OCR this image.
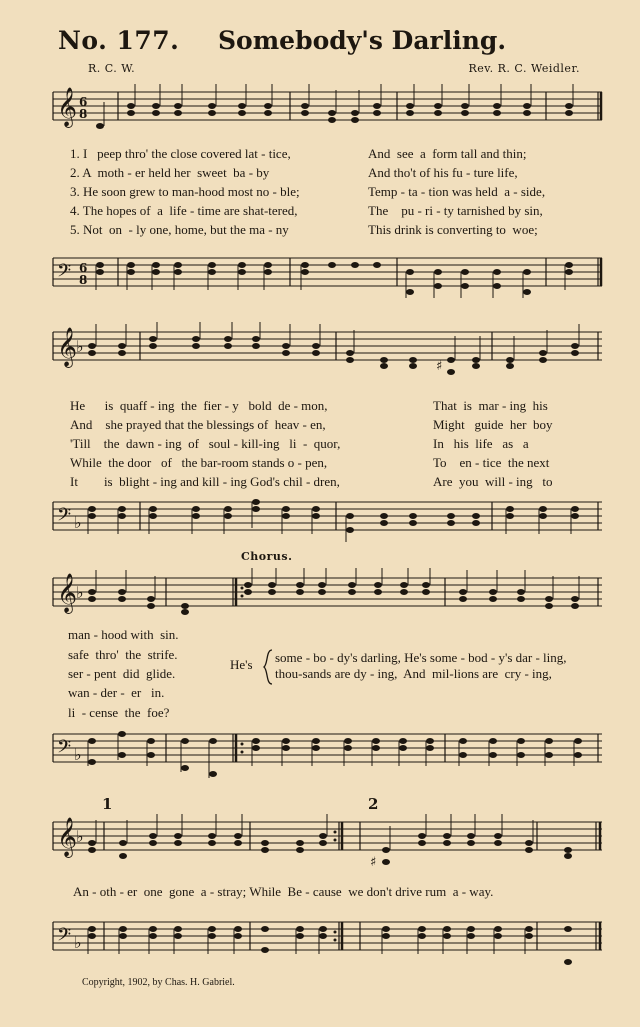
No. 177. Somebody's Darling.
R. C. W.	Rev. R. C. Weidler.
𝄞 6
8
1. I   peep thro' the close covered lat - tice,
2. A  moth - er held her  sweet  ba - by
3. He soon grew to man-hood most no - ble;
4. The hopes of  a  life - time are shat-tered,
5. Not  on  - ly one, home, but the ma - ny
And  see  a  form tall and thin;
And tho't of his fu - ture life,
Temp - ta - tion was held  a - side,
The    pu - ri - ty tarnished by sin,
This drink is converting to  woe;
𝄢 6
8
𝄞
♭
♯
He      is  quaff - ing  the  fier - y   bold  de - mon,
And    she prayed that the blessings of  heav - en,
'Till    the  dawn - ing  of   soul - kill-ing   li  -  quor,
While  the door   of   the bar-room stands o - pen,
It        is  blight - ing and kill - ing God's chil - dren,
That  is  mar - ing  his
Might   guide  her  boy
In   his  life   as   a
To    en - tice  the next
Are  you  will - ing   to
𝄢 ♭
Chorus.
𝄞
♭
man - hood with  sin.
safe  thro'  the  strife.
ser - pent  did  glide.
wan - der -  er   in.
li  - cense  the  foe?
He's some - bo - dy's darling, He's some - bod - y's dar - ling,
thou-sands are dy - ing,  And  mil-lions are  cry - ing,
𝄢 ♭
1	2
𝄞
♭
♯
An - oth - er  one  gone  a - stray; While  Be - cause  we don't drive rum  a - way.
𝄢 ♭
Copyright, 1902, by Chas. H. Gabriel.
